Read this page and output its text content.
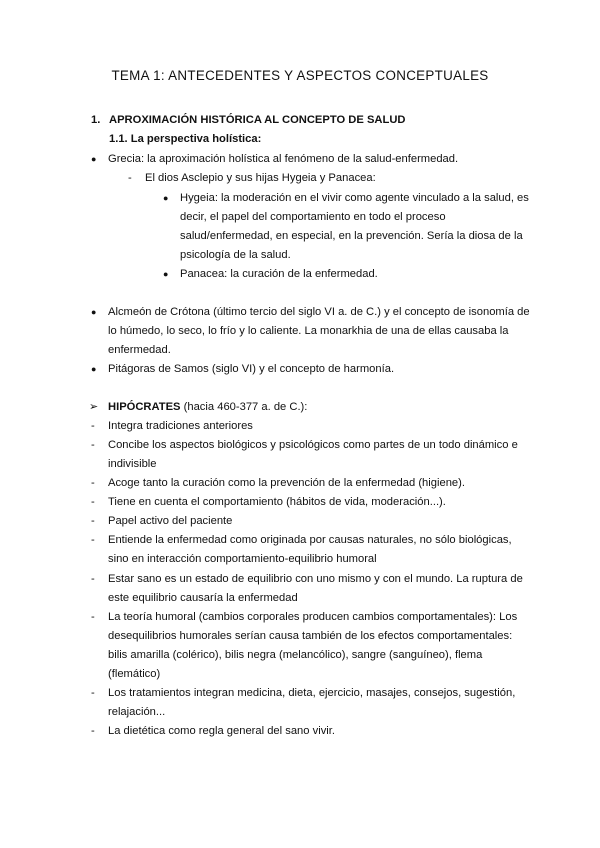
TEMA 1: ANTECEDENTES Y ASPECTOS CONCEPTUALES
1. APROXIMACIÓN HISTÓRICA AL CONCEPTO DE SALUD
1.1. La perspectiva holística:
● Grecia: la aproximación holística al fenómeno de la salud-enfermedad.
- El dios Asclepio y sus hijas Hygeia y Panacea:
● Hygeia: la moderación en el vivir como agente vinculado a la salud, es
decir, el papel del comportamiento en todo el proceso
salud/enfermedad, en especial, en la prevención. Sería la diosa de la
psicología de la salud.
● Panacea: la curación de la enfermedad.
● Alcmeón de Crótona (último tercio del siglo VI a. de C.) y el concepto de isonomía de
lo húmedo, lo seco, lo frío y lo caliente. La monarkhia de una de ellas causaba la
enfermedad.
● Pitágoras de Samos (siglo VI) y el concepto de harmonía.
➢ HIPÓCRATES (hacia 460-377 a. de C.):
- Integra tradiciones anteriores
- Concibe los aspectos biológicos y psicológicos como partes de un todo dinámico e
indivisible
- Acoge tanto la curación como la prevención de la enfermedad (higiene).
- Tiene en cuenta el comportamiento (hábitos de vida, moderación...).
- Papel activo del paciente
- Entiende la enfermedad como originada por causas naturales, no sólo biológicas,
sino en interacción comportamiento-equilibrio humoral
- Estar sano es un estado de equilibrio con uno mismo y con el mundo. La ruptura de
este equilibrio causaría la enfermedad
- La teoría humoral (cambios corporales producen cambios comportamentales): Los
desequilibrios humorales serían causa también de los efectos comportamentales:
bilis amarilla (colérico), bilis negra (melancólico), sangre (sanguíneo), flema
(flemático)
- Los tratamientos integran medicina, dieta, ejercicio, masajes, consejos, sugestión,
relajación...
- La dietética como regla general del sano vivir.
